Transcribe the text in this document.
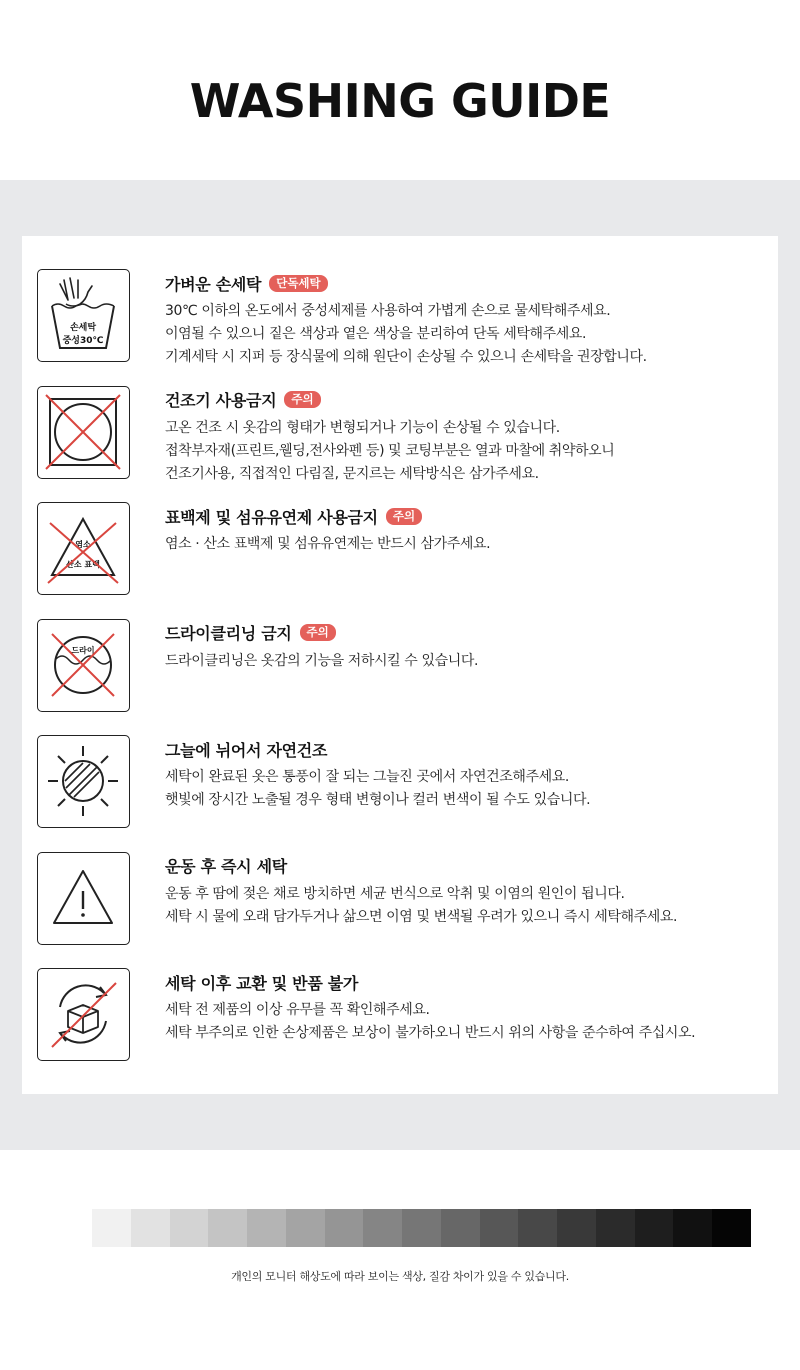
WASHING GUIDE
손세탁
중성30℃
가벼운 손세탁	단독세탁
30℃ 이하의 온도에서 중성세제를 사용하여 가볍게 손으로 물세탁해주세요.
이염될 수 있으니 짙은 색상과 옅은 색상을 분리하여 단독 세탁해주세요.
기계세탁 시 지퍼 등 장식물에 의해 원단이 손상될 수 있으니 손세탁을 권장합니다.
건조기 사용금지	주의
고온 건조 시 옷감의 형태가 변형되거나 기능이 손상될 수 있습니다.
접착부자재(프린트,웰딩,전사와펜 등) 및 코팅부분은 열과 마찰에 취약하오니
건조기사용, 직접적인 다림질, 문지르는 세탁방식은 삼가주세요.
염소
산소 표백
표백제 및 섬유유연제 사용금지	주의
염소 · 산소 표백제 및 섬유유연제는 반드시 삼가주세요.
드라이
드라이클리닝 금지	주의
드라이클리닝은 옷감의 기능을 저하시킬 수 있습니다.
그늘에 뉘어서 자연건조
세탁이 완료된 옷은 통풍이 잘 되는 그늘진 곳에서 자연건조해주세요.
햇빛에 장시간 노출될 경우 형태 변형이나 컬러 변색이 될 수도 있습니다.
운동 후 즉시 세탁
운동 후 땀에 젖은 채로 방치하면 세균 번식으로 악취 및 이염의 원인이 됩니다.
세탁 시 물에 오래 담가두거나 삶으면 이염 및 변색될 우려가 있으니 즉시 세탁해주세요.
세탁 이후 교환 및 반품 불가
세탁 전 제품의 이상 유무를 꼭 확인해주세요.
세탁 부주의로 인한 손상제품은 보상이 불가하오니 반드시 위의 사항을 준수하여 주십시오.
개인의 모니터 해상도에 따라 보이는 색상, 질감 차이가 있을 수 있습니다.
